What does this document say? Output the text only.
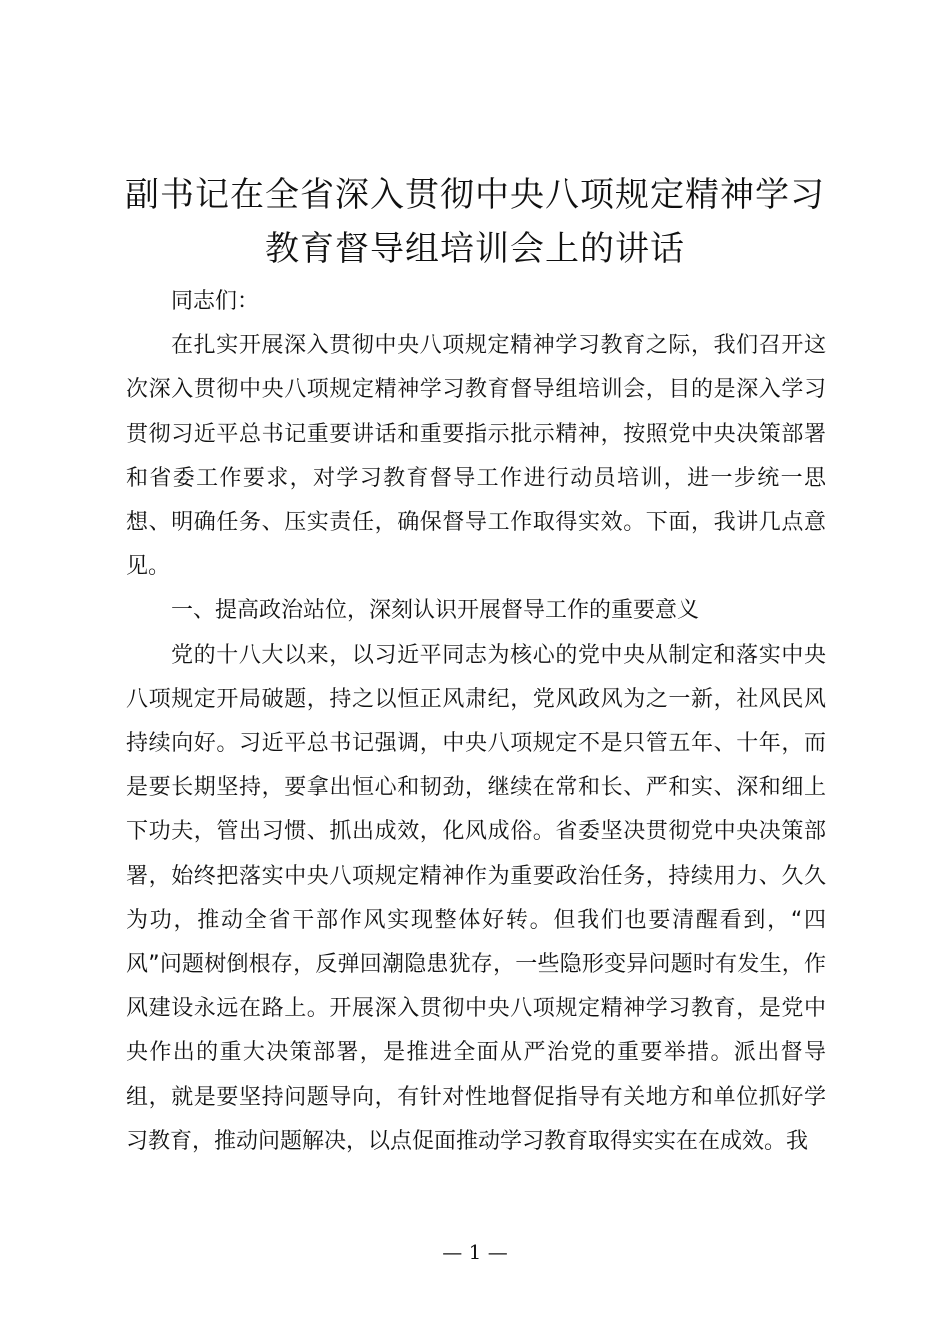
副书记在全省深入贯彻中央八项规定精神学习
教育督导组培训会上的讲话

同志们：

在扎实开展深入贯彻中央八项规定精神学习教育之际，我们召开这次深入贯彻中央八项规定精神学习教育督导组培训会，目的是深入学习贯彻习近平总书记重要讲话和重要指示批示精神，按照党中央决策部署和省委工作要求，对学习教育督导工作进行动员培训，进一步统一思想、明确任务、压实责任，确保督导工作取得实效。下面，我讲几点意见。

一、提高政治站位，深刻认识开展督导工作的重要意义

党的十八大以来，以习近平同志为核心的党中央从制定和落实中央八项规定开局破题，持之以恒正风肃纪，党风政风为之一新，社风民风持续向好。习近平总书记强调，中央八项规定不是只管五年、十年，而是要长期坚持，要拿出恒心和韧劲，继续在常和长、严和实、深和细上下功夫，管出习惯、抓出成效，化风成俗。省委坚决贯彻党中央决策部署，始终把落实中央八项规定精神作为重要政治任务，持续用力、久久为功，推动全省干部作风实现整体好转。但我们也要清醒看到，“四风”问题树倒根存，反弹回潮隐患犹存，一些隐形变异问题时有发生，作风建设永远在路上。开展深入贯彻中央八项规定精神学习教育，是党中央作出的重大决策部署，是推进全面从严治党的重要举措。派出督导组，就是要坚持问题导向，有针对性地督促指导有关地方和单位抓好学习教育，推动问题解决，以点促面推动学习教育取得实实在在成效。我

— 1 —
